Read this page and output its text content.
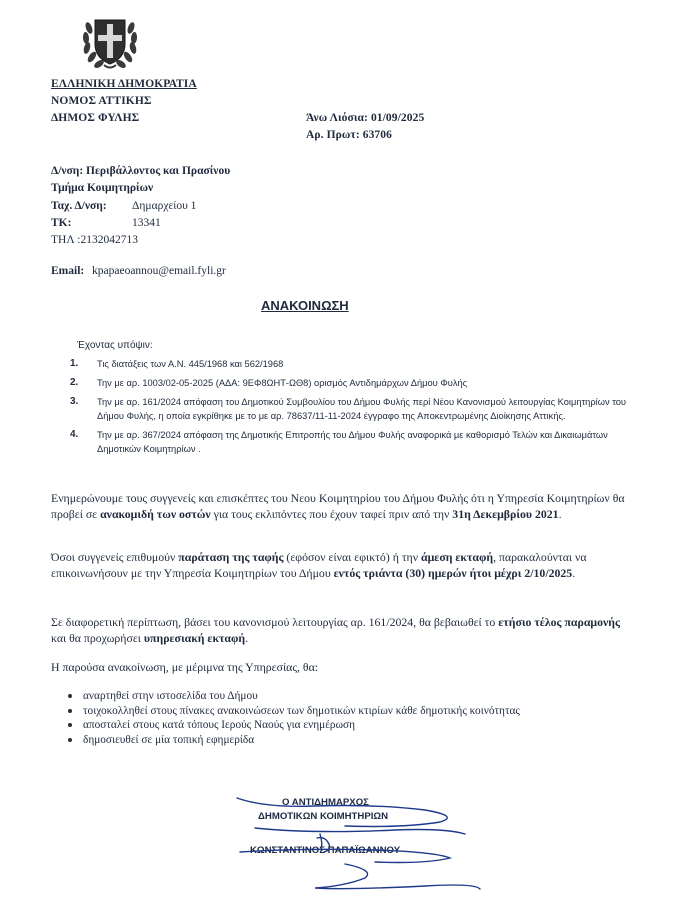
ΕΛΛΗΝΙΚΗ ΔΗΜΟΚΡΑΤΙΑ
ΝΟΜΟΣ ΑΤΤΙΚΗΣ
ΔΗΜΟΣ ΦΥΛΗΣ	Άνω Λιόσια: 01/09/2025
Αρ. Πρωτ: 63706
Δ/νση: Περιβάλλοντος και Πρασίνου
Τμήμα Κοιμητηρίων
Ταχ. Δ/νση: Δημαρχείου 1
ΤΚ:	13341
ΤΗΛ :2132042713
Email: kpapaeoannou@email.fyli.gr
ΑΝΑΚΟΙΝΩΣΗ
Έχοντας υπόψιν:
1. Τις διατάξεις των Α.Ν. 445/1968 και 562/1968
2. Την με αρ. 1003/02-05-2025 (ΑΔΑ: 9ΕΦ8ΩΗΤ-ΩΘ8) ορισμός Αντιδημάρχων Δήμου Φυλής
3. Την με αρ. 161/2024 απόφαση του Δημοτικού Συμβουλίου του Δήμου Φυλής περί Νέου Κανονισμού λειτουργίας Κοιμητηρίων του Δήμου Φυλής, η οποία εγκρίθηκε με το με αρ. 78637/11-11-2024 έγγραφο της Αποκεντρωμένης Διοίκησης Αττικής.
4. Την με αρ. 367/2024 απόφαση της Δημοτικής Επιτροπής του Δήμου Φυλής αναφορικά με καθορισμό Τελών και Δικαιωμάτων Δημοτικών Κοιμητηρίων .
Ενημερώνουμε τους συγγενείς και επισκέπτες του Νεου Κοιμητηρίου του Δήμου Φυλής ότι η Υπηρεσία Κοιμητηρίων θα προβεί σε ανακομιδή των οστών για τους εκλιπόντες που έχουν ταφεί πριν από την 31η Δεκεμβρίου 2021.
Όσοι συγγενείς επιθυμούν παράταση της ταφής (εφόσον είναι εφικτό) ή την άμεση εκταφή, παρακαλούνται να επικοινωνήσουν με την Υπηρεσία Κοιμητηρίων του Δήμου εντός τριάντα (30) ημερών ήτοι μέχρι 2/10/2025.
Σε διαφορετική περίπτωση, βάσει του κανονισμού λειτουργίας αρ. 161/2024, θα βεβαιωθεί το ετήσιο τέλος παραμονής και θα προχωρήσει υπηρεσιακή εκταφή.
Η παρούσα ανακοίνωση, με μέριμνα της Υπηρεσίας, θα:
αναρτηθεί στην ιστοσελίδα του Δήμου
τοιχοκολληθεί στους πίνακες ανακοινώσεων των δημοτικών κτιρίων κάθε δημοτικής κοινότητας
αποσταλεί στους κατά τόπους Ιερούς Ναούς για ενημέρωση
δημοσιευθεί σε μία τοπική εφημερίδα
Ο ΑΝΤΙΔΗΜΑΡΧΟΣ
ΔΗΜΟΤΙΚΩΝ ΚΟΙΜΗΤΗΡΙΩΝ
ΚΩΝΣΤΑΝΤΙΝΟΣ ΠΑΠΑΪΩΑΝΝΟΥ
